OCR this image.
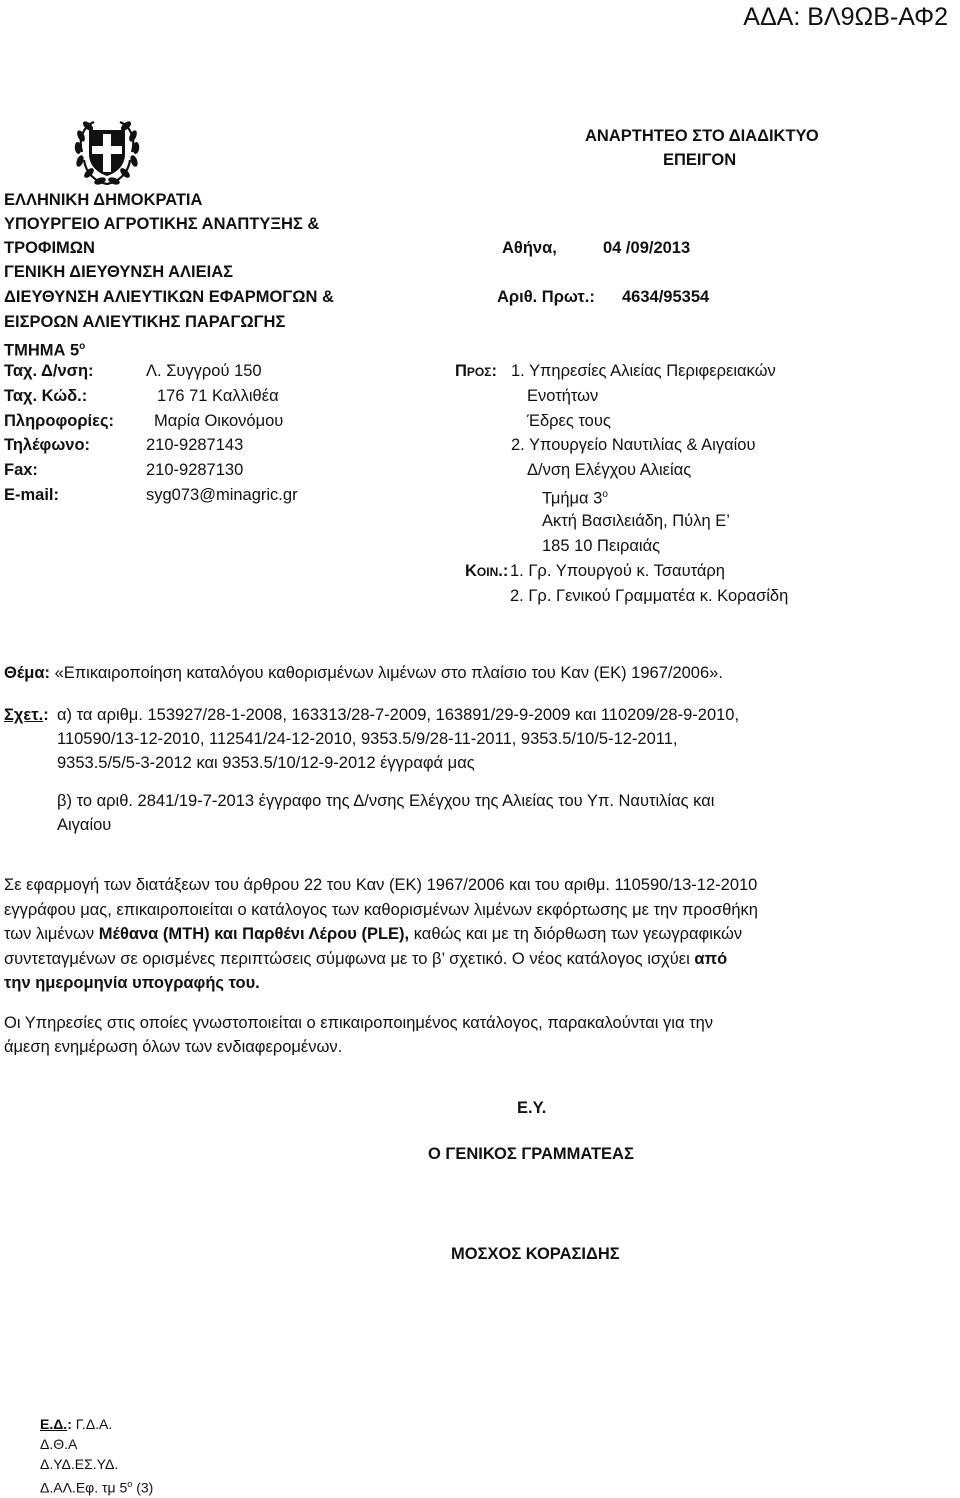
ΑΔΑ: ΒΛ9ΩΒ-ΑΦ2
ΑΝΑΡΤΗΤΕΟ ΣΤΟ ΔΙΑΔΙΚΤΥΟ
ΕΠΕΙΓΟΝ
ΕΛΛΗΝΙΚΗ ΔΗΜΟΚΡΑΤΙΑ
ΥΠΟΥΡΓΕΙΟ ΑΓΡΟΤΙΚΗΣ ΑΝΑΠΤΥΞΗΣ &
ΤΡΟΦΙΜΩΝ
ΓΕΝΙΚΗ ΔΙΕΥΘΥΝΣΗ ΑΛΙΕΙΑΣ
ΔΙΕΥΘΥΝΣΗ ΑΛΙΕΥΤΙΚΩΝ ΕΦΑΡΜΟΓΩΝ &
ΕΙΣΡΟΩΝ ΑΛΙΕΥΤΙΚΗΣ ΠΑΡΑΓΩΓΗΣ
ΤΜΗΜΑ $5^o$
Αθήνα,	04 /09/2013
Αριθ. Πρωτ.: 4634/95354
Ταχ. Δ/νση:	Λ. Συγγρού 150
Ταχ. Κώδ.:	176 71 Καλλιθέα
Πληροφορίες: Μαρία Οικονόμου
Τηλέφωνο:	210-9287143
Fax:	210-9287130
E-mail:	syg073@minagric.gr
Προσ: 1. Υπηρεσίες Αλιείας Περιφερειακών
Ενοτήτων
Έδρες τους
2. Υπουργείο Ναυτιλίας & Αιγαίου
Δ/νση Ελέγχου Αλιείας
Τμήμα $3^o$
Ακτή Βασιλειάδη, Πύλη Ε’
185 10 Πειραιάς
Κοιν.: 1. Γρ. Υπουργού κ. Τσαυτάρη
2. Γρ. Γενικού Γραμματέα κ. Κορασίδη
Θέμα: «Επικαιροποίηση καταλόγου καθορισμένων λιμένων στο πλαίσιο του Καν (ΕΚ) 1967/2006».
Σχετ.: α) τα αριθμ. 153927/28-1-2008, 163313/28-7-2009, 163891/29-9-2009 και 110209/28-9-2010,
110590/13-12-2010, 112541/24-12-2010, 9353.5/9/28-11-2011, 9353.5/10/5-12-2011,
9353.5/5/5-3-2012 και 9353.5/10/12-9-2012 έγγραφά μας
β) το αριθ. 2841/19-7-2013 έγγραφο της Δ/νσης Ελέγχου της Αλιείας του Υπ. Ναυτιλίας και
Αιγαίου
Σε εφαρμογή των διατάξεων του άρθρου 22 του Καν (ΕΚ) 1967/2006 και του αριθμ. 110590/13-12-2010
εγγράφου μας, επικαιροποιείται ο κατάλογος των καθορισμένων λιμένων εκφόρτωσης με την προσθήκη
των λιμένων Μέθανα (ΜΤΗ) και Παρθένι Λέρου (PLE), καθώς και με τη διόρθωση των γεωγραφικών
συντεταγμένων σε ορισμένες περιπτώσεις σύμφωνα με το β’ σχετικό. Ο νέος κατάλογος ισχύει από
την ημερομηνία υπογραφής του.
Οι Υπηρεσίες στις οποίες γνωστοποιείται ο επικαιροποιημένος κατάλογος, παρακαλούνται για την
άμεση ενημέρωση όλων των ενδιαφερομένων.
Ε.Υ.
Ο ΓΕΝΙΚΟΣ ΓΡΑΜΜΑΤΕΑΣ
ΜΟΣΧΟΣ ΚΟΡΑΣΙΔΗΣ
Ε.Δ.: Γ.Δ.Α.
Δ.Θ.Α
Δ.ΥΔ.ΕΣ.ΥΔ.
Δ.ΑΛ.Εφ. τμ $5^o$ (3)
